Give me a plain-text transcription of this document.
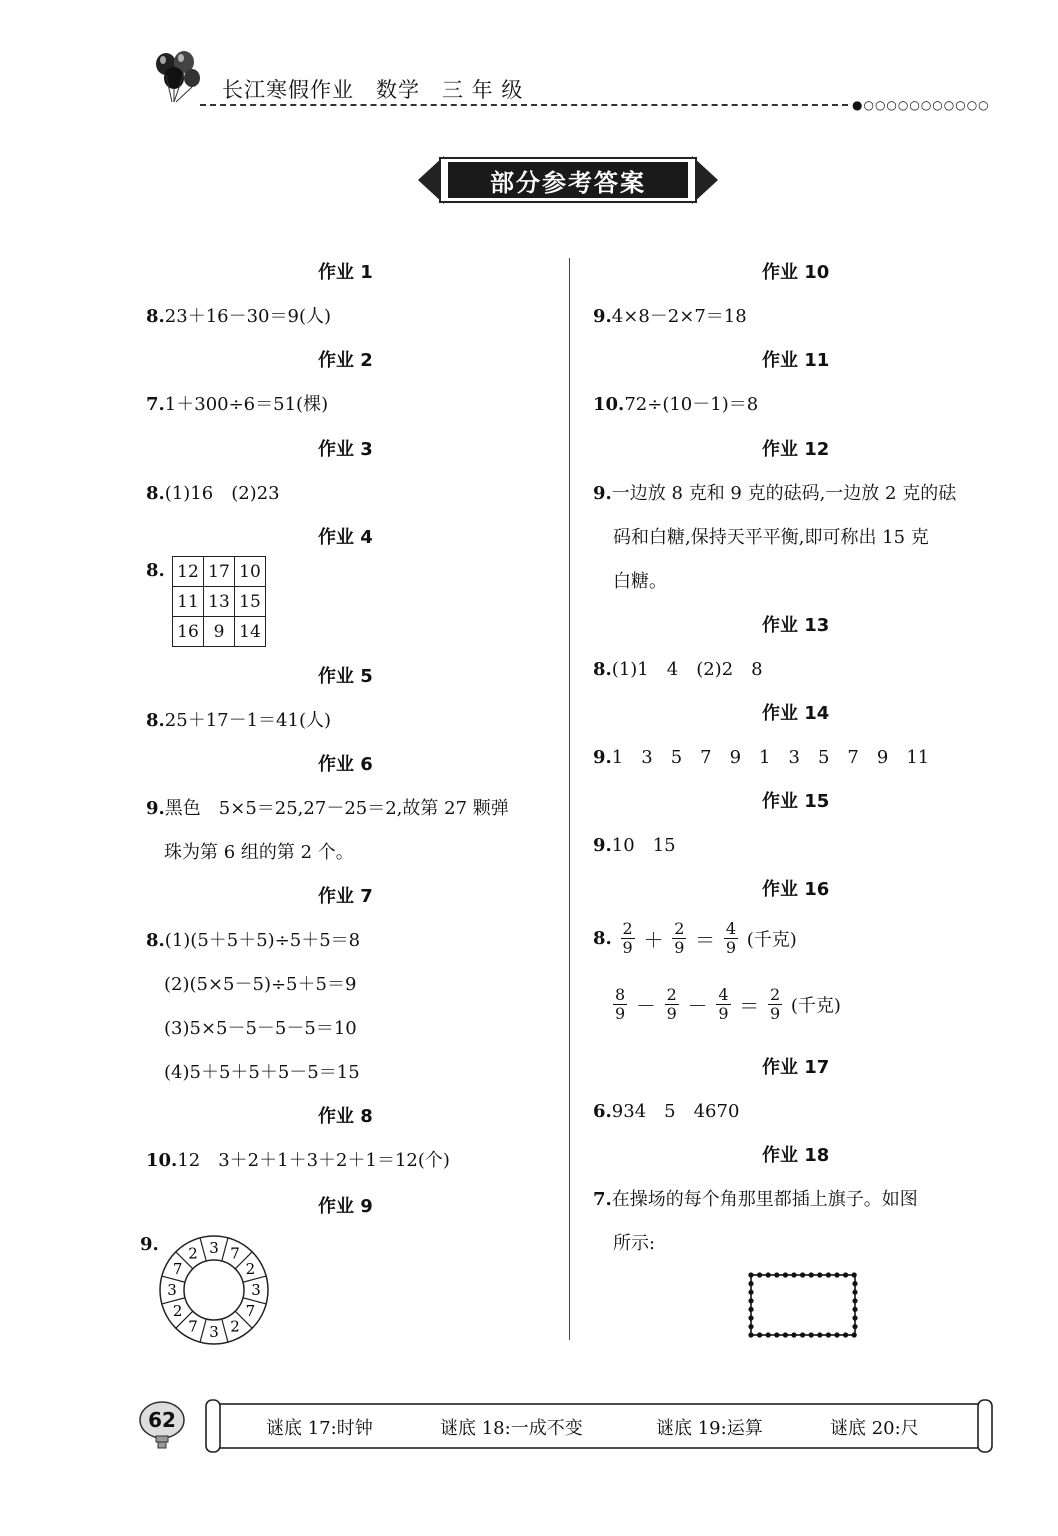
长江寒假作业 数学 三 年 级
●○○○○○○○○○○○
部分参考答案
作业 1
8.23＋16－30＝9(人)
作业 2
7.1＋300÷6＝51(棵)
作业 3
8.(1)16　(2)23
作业 4
8. 12	17	10
11	13	15
16	9	14
作业 5
8.25＋17－1＝41(人)
作业 6
9.黑色　5×5＝25,27－25＝2,故第 27 颗弹
珠为第 6 组的第 2 个。
作业 7
8.(1)(5＋5＋5)÷5＋5＝8
(2)(5×5－5)÷5＋5＝9
(3)5×5－5－5－5＝10
(4)5＋5＋5＋5－5＝15
作业 8
10.12　3＋2＋1＋3＋2＋1＝12(个)
作业 9
9.	3 7
2
3
7
2
3
7
2
3
7
2
作业 10
9.4×8－2×7＝18
作业 11
10.72÷(10－1)＝8
作业 12
9.一边放 8 克和 9 克的砝码,一边放 2 克的砝
码和白糖,保持天平平衡,即可称出 15 克
白糖。
作业 13
8.(1)1　4　(2)2　8
作业 14
9.1　3　5　7　9　1　3　5　7　9　11
作业 15
9.10　15
作业 16
8. $\frac{2}{9} + \frac{2}{9} = \frac{4}{9}$ (千克)
$\frac{8}{9} - \frac{2}{9} - \frac{4}{9} = \frac{2}{9}$ (千克)
作业 17
6.934　5　4670
作业 18
7.在操场的每个角那里都插上旗子。如图
所示:
62	谜底 17:时钟	谜底 18:一成不变	谜底 19:运算	谜底 20:尺
